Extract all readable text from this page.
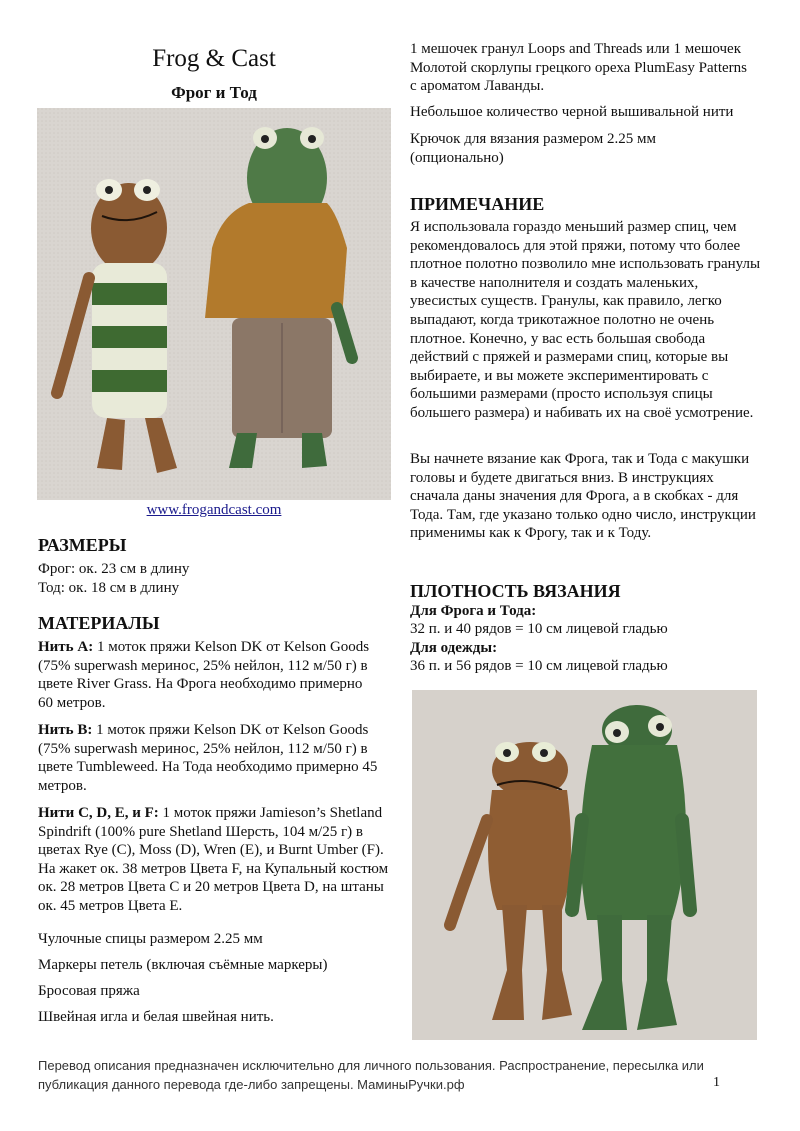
Frog & Cast
Фрог и Тод
www.frogandcast.com
РАЗМЕРЫ
Фрог: ок. 23 см в длину
Тод: ок. 18 см в длину
МАТЕРИАЛЫ
Нить A: 1 моток пряжи Kelson DK от Kelson Goods (75% superwash меринос, 25% нейлон, 112 м/50 г) в цвете River Grass. На Фрога необходимо примерно 60 метров.
Нить B: 1 моток пряжи Kelson DK от Kelson Goods (75% superwash меринос, 25% нейлон, 112 м/50 г) в цвете Tumbleweed. На Тода необходимо примерно 45 метров.
Нити C, D, E, и F: 1 моток пряжи Jamieson’s Shetland Spindrift (100% pure Shetland Шерсть, 104 м/25 г) в цветах Rye (C), Moss (D), Wren (E), и Burnt Umber (F). На жакет ок. 38 метров Цвета F, на Купальный костюм ок. 28 метров Цвета C и 20 метров Цвета D, на штаны ок. 45 метров Цвета E.
Чулочные спицы размером 2.25 мм
Маркеры петель (включая съёмные маркеры)
Бросовая пряжа
Швейная игла и белая швейная нить.
1 мешочек гранул Loops and Threads или 1 мешочек Молотой скорлупы грецкого ореха PlumEasy Patterns с ароматом Лаванды.
Небольшое количество черной вышивальной нити
Крючок для вязания размером 2.25 мм (опционально)
ПРИМЕЧАНИЕ
Я использовала гораздо меньший размер спиц, чем рекомендовалось для этой пряжи, потому что более плотное полотно позволило мне использовать гранулы в качестве наполнителя и создать маленьких, увесистых существ. Гранулы, как правило, легко выпадают, когда трикотажное полотно не очень плотное. Конечно, у вас есть большая свобода действий с пряжей и размерами спиц, которые вы выбираете, и вы можете экспериментировать с большими размерами (просто используя спицы большего размера) и набивать их на своё усмотрение.
Вы начнете вязание как Фрога, так и Тода с макушки головы и будете двигаться вниз. В инструкциях сначала даны значения для Фрога, а в скобках - для Тода. Там, где указано только одно число, инструкции применимы как к Фрогу, так и к Тоду.
ПЛОТНОСТЬ ВЯЗАНИЯ
Для Фрога и Тода:
32 п. и 40 рядов = 10 см лицевой гладью
Для одежды:
36 п. и 56 рядов = 10 см лицевой гладью
Перевод описания предназначен исключительно для личного пользования. Распространение, пересылка или
публикация данного перевода где-либо запрещены. МаминыРучки.рф	1
